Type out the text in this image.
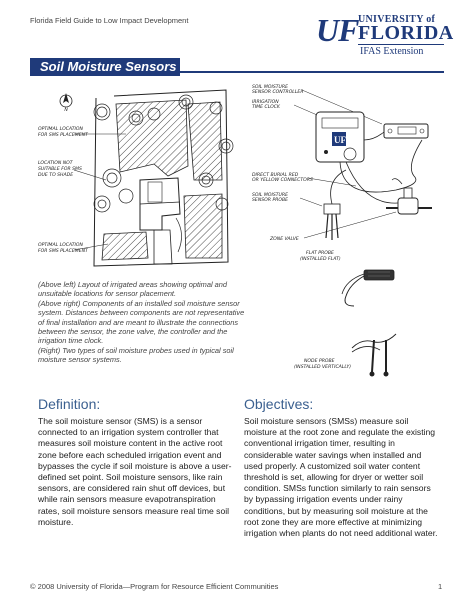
Florida Field Guide to Low Impact Development	UF UNIVERSITY of
FLORIDA
IFAS Extension
Soil Moisture Sensors
N
OPTIMAL LOCATION
FOR SMS PLACEMENT
LOCATION NOT
SUITABLE FOR SMS
DUE TO SHADE
OPTIMAL LOCATION
FOR SMS PLACEMENT
SOIL MOISTURE
SENSOR CONTROLLER
IRRIGATION
TIME CLOCK
UF
DIRECT BURIAL RED
OR YELLOW CONNECTORS
SOIL MOISTURE
SENSOR PROBE
ZONE VALVE
FLAT PROBE
(INSTALLED FLAT)
NODE PROBE
(INSTALLED VERTICALLY)

(Above left) Layout of irrigated areas showing optimal and unsuitable locations for sensor placement.

(Above right) Components of an installed soil moisture sensor system. Distances between components are not representative of final installation and are meant to illustrate the connections between the sensor, the zone valve, the controller and the irrigation time clock.

(Right) Two types of soil moisture probes used in typical soil moisture sensor systems.

Definition:
The soil moisture sensor (SMS) is a sensor connected to an irrigation system controller that measures soil moisture content in the active root zone before each scheduled irrigation event and bypasses the cycle if soil moisture is above a user-defined set point. Soil moisture sensors, like rain sensors, are considered rain shut off devices, but while rain sensors measure evapotranspiration rates, soil moisture sensors measure real time soil moisture.
Objectives:
Soil moisture sensors (SMSs) measure soil moisture at the root zone and regulate the existing conventional irrigation timer, resulting in considerable water savings when installed and used properly. A customized soil water content threshold is set, allowing for dryer or wetter soil condition. SMSs function similarly to rain sensors by bypassing irrigation events under rainy conditions, but by measuring soil moisture at the root zone they are more effective at minimizing irrigation when plants do not need additional water.
© 2008 University of Florida—Program for Resource Efficient Communities	1
